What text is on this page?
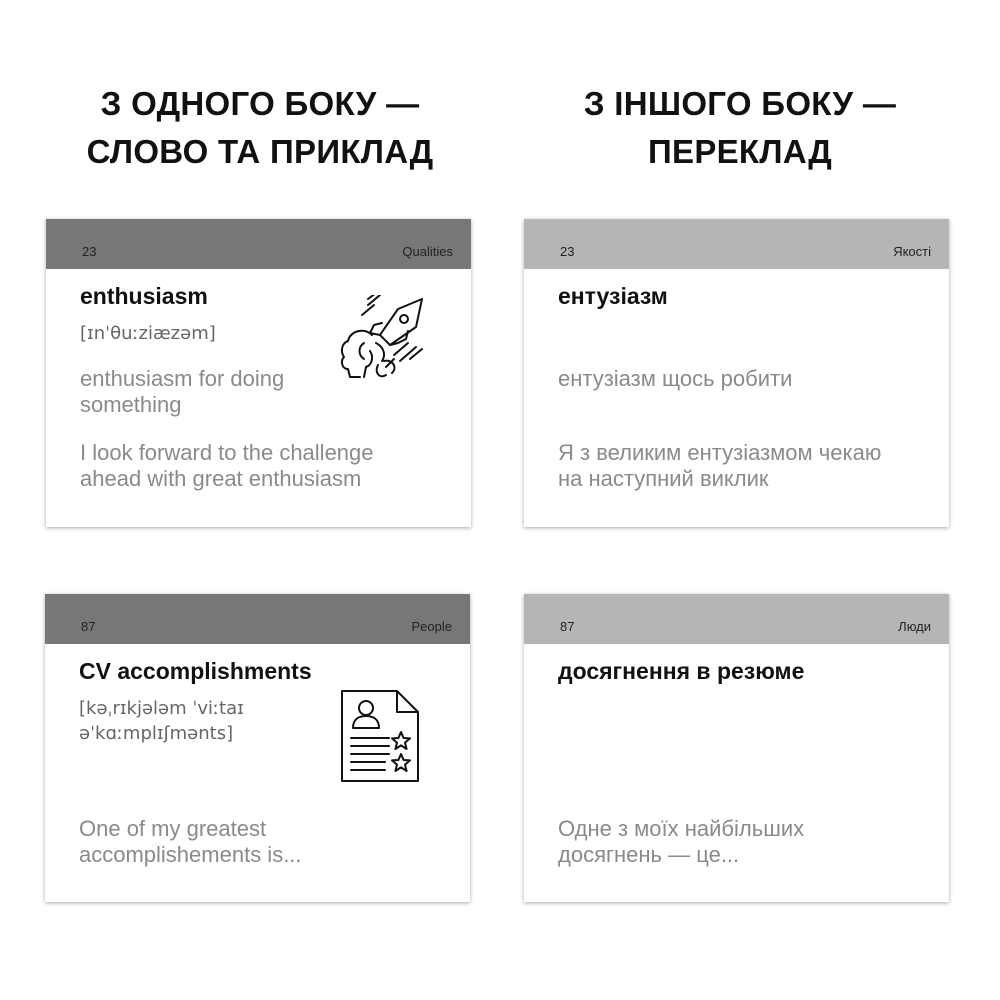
З ОДНОГО БОКУ —
СЛОВО ТА ПРИКЛАД
З ІНШОГО БОКУ —
ПЕРЕКЛАД
23	Qualities
enthusiasm
[ɪnˈθuːziæzəm]
enthusiasm for doing
something
I look forward to the challenge
ahead with great enthusiasm
23	Якості
ентузіазм
ентузіазм щось робити
Я з великим ентузіазмом чекаю
на наступний виклик
87	People
CV accomplishments
[kəˌrɪkjələm ˈviːtaɪ
əˈkɑːmplɪʃmənts]
One of my greatest
accomplishements is...
87	Люди
досягнення в резюме
Одне з моїх найбільших
досягнень — це...
